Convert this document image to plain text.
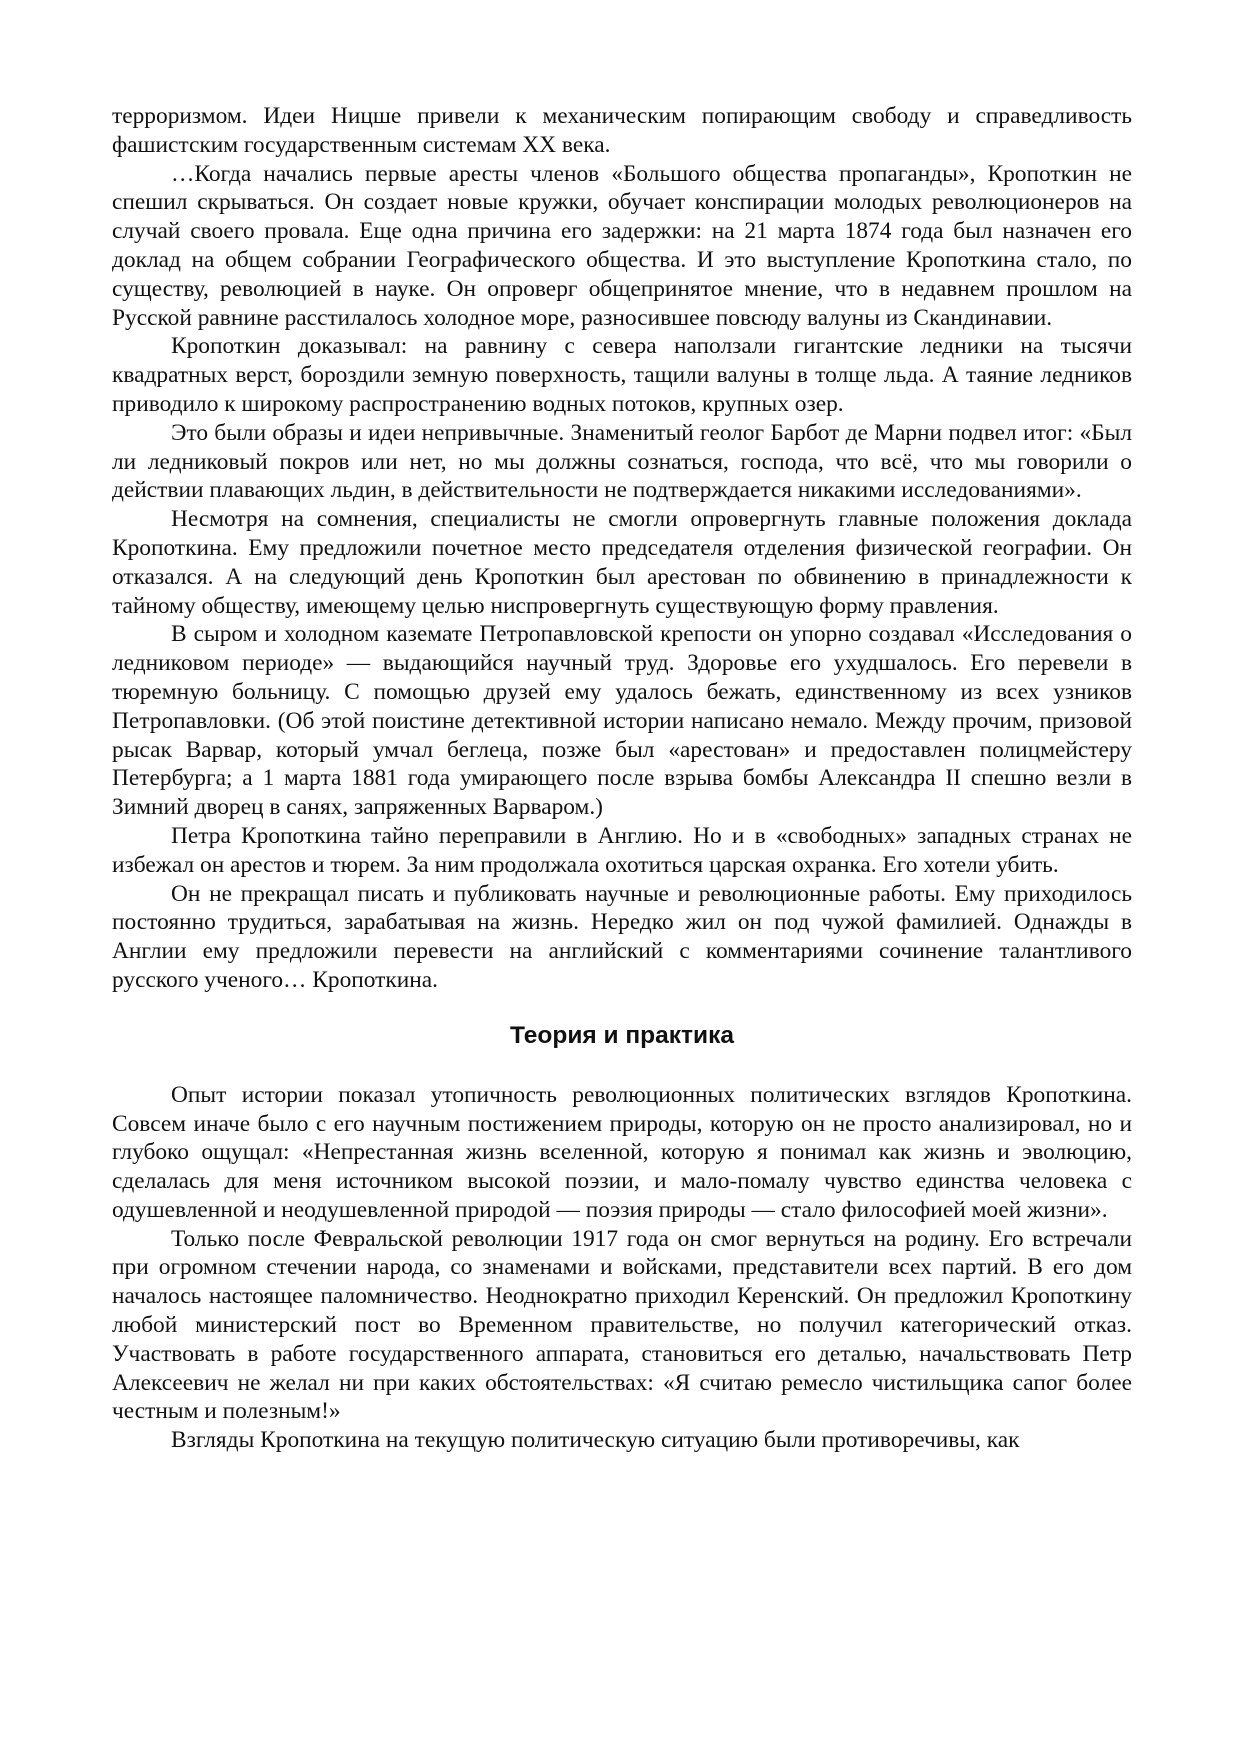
терроризмом. Идеи Ницше привели к механическим попирающим свободу и справедливость фашистским государственным системам XX века.

…Когда начались первые аресты членов «Большого общества пропаганды», Кропоткин не спешил скрываться. Он создает новые кружки, обучает конспирации молодых революционеров на случай своего провала. Еще одна причина его задержки: на 21 марта 1874 года был назначен его доклад на общем собрании Географического общества. И это выступление Кропоткина стало, по существу, революцией в науке. Он опроверг общепринятое мнение, что в недавнем прошлом на Русской равнине расстилалось холодное море, разносившее повсюду валуны из Скандинавии.

Кропоткин доказывал: на равнину с севера наползали гигантские ледники на тысячи квадратных верст, бороздили земную поверхность, тащили валуны в толще льда. А таяние ледников приводило к широкому распространению водных потоков, крупных озер.

Это были образы и идеи непривычные. Знаменитый геолог Барбот де Марни подвел итог: «Был ли ледниковый покров или нет, но мы должны сознаться, господа, что всё, что мы говорили о действии плавающих льдин, в действительности не подтверждается никакими исследованиями».

Несмотря на сомнения, специалисты не смогли опровергнуть главные положения доклада Кропоткина. Ему предложили почетное место председателя отделения физической географии. Он отказался. А на следующий день Кропоткин был арестован по обвинению в принадлежности к тайному обществу, имеющему целью ниспровергнуть существующую форму правления.

В сыром и холодном каземате Петропавловской крепости он упорно создавал «Исследования о ледниковом периоде» — выдающийся научный труд. Здоровье его ухудшалось. Его перевели в тюремную больницу. С помощью друзей ему удалось бежать, единственному из всех узников Петропавловки. (Об этой поистине детективной истории написано немало. Между прочим, призовой рысак Варвар, который умчал беглеца, позже был «арестован» и предоставлен полицмейстеру Петербурга; а 1 марта 1881 года умирающего после взрыва бомбы Александра II спешно везли в Зимний дворец в санях, запряженных Варваром.)

Петра Кропоткина тайно переправили в Англию. Но и в «свободных» западных странах не избежал он арестов и тюрем. За ним продолжала охотиться царская охранка. Его хотели убить.

Он не прекращал писать и публиковать научные и революционные работы. Ему приходилось постоянно трудиться, зарабатывая на жизнь. Нередко жил он под чужой фамилией. Однажды в Англии ему предложили перевести на английский с комментариями сочинение талантливого русского ученого… Кропоткина.

Теория и практика

Опыт истории показал утопичность революционных политических взглядов Кропоткина. Совсем иначе было с его научным постижением природы, которую он не просто анализировал, но и глубоко ощущал: «Непрестанная жизнь вселенной, которую я понимал как жизнь и эволюцию, сделалась для меня источником высокой поэзии, и мало-помалу чувство единства человека с одушевленной и неодушевленной природой — поэзия природы — стало философией моей жизни».

Только после Февральской революции 1917 года он смог вернуться на родину. Его встречали при огромном стечении народа, со знаменами и войсками, представители всех партий. В его дом началось настоящее паломничество. Неоднократно приходил Керенский. Он предложил Кропоткину любой министерский пост во Временном правительстве, но получил категорический отказ. Участвовать в работе государственного аппарата, становиться его деталью, начальствовать Петр Алексеевич не желал ни при каких обстоятельствах: «Я считаю ремесло чистильщика сапог более честным и полезным!»

Взгляды Кропоткина на текущую политическую ситуацию были противоречивы, как
